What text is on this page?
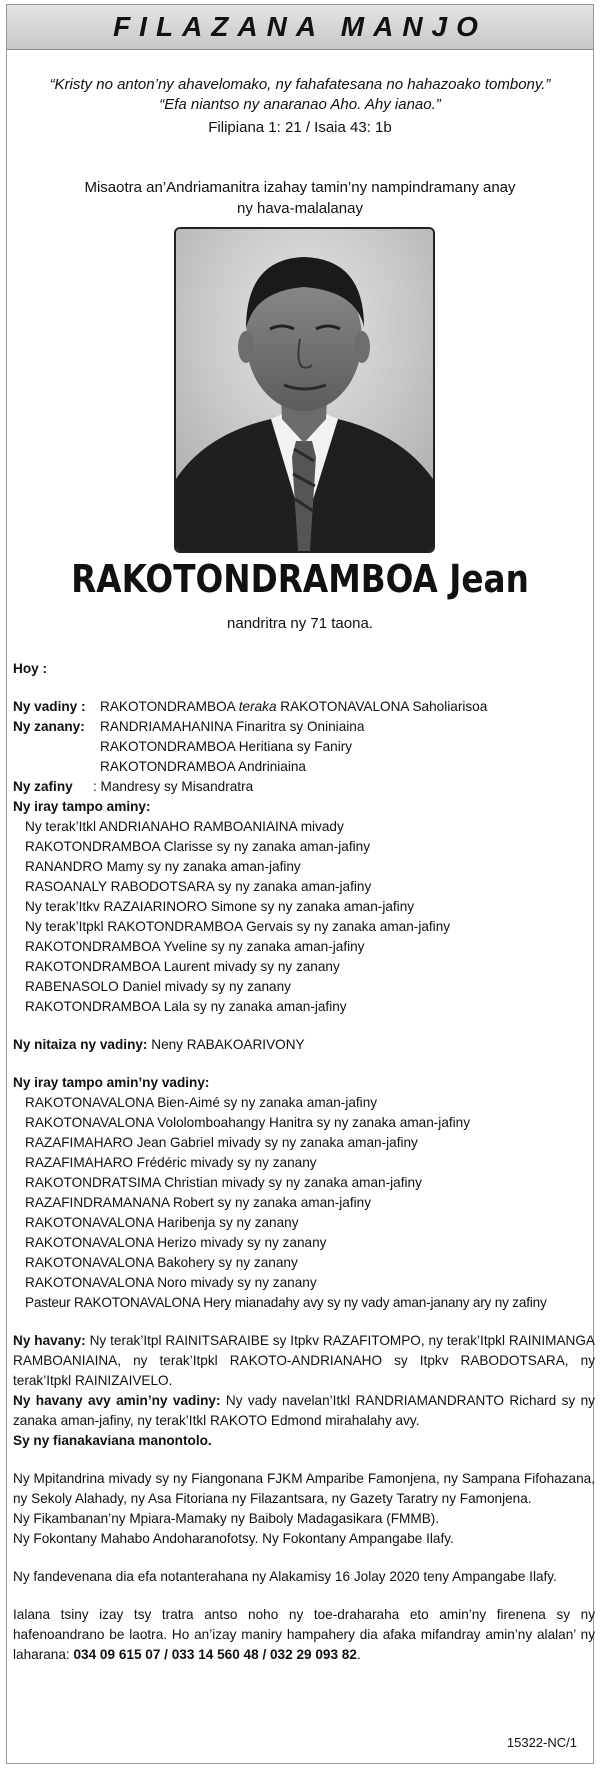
FILAZANA MANJO
“Kristy no anton’ny ahavelomako, ny fahafatesana no hahazoako tombony.”
“Efa niantso ny anaranao Aho. Ahy ianao.”
Filipiana 1: 21 / Isaia 43: 1b
Misaotra an’Andriamanitra izahay tamin’ny nampindramany anay
ny hava-malalanay
RAKOTONDRAMBOA Jean
nandritra ny 71 taona.
Hoy :
Ny vadiny : RAKOTONDRAMBOA teraka RAKOTONAVALONA Saholiarisoa
Ny zanany: RANDRIAMAHANINA Finaritra sy Oniniaina
RAKOTONDRAMBOA Heritiana sy Faniry
RAKOTONDRAMBOA Andriniaina
Ny zafiny : Mandresy sy Misandratra
Ny iray tampo aminy:
Ny terak’Itkl ANDRIANAHO RAMBOANIAINA mivady
RAKOTONDRAMBOA Clarisse sy ny zanaka aman-jafiny
RANANDRO Mamy sy ny zanaka aman-jafiny
RASOANALY RABODOTSARA sy ny zanaka aman-jafiny
Ny terak’Itkv RAZAIARINORO Simone sy ny zanaka aman-jafiny
Ny terak’Itpkl RAKOTONDRAMBOA Gervais sy ny zanaka aman-jafiny
RAKOTONDRAMBOA Yveline sy ny zanaka aman-jafiny
RAKOTONDRAMBOA Laurent mivady sy ny zanany
RABENASOLO Daniel mivady sy ny zanany
RAKOTONDRAMBOA Lala sy ny zanaka aman-jafiny
Ny nitaiza ny vadiny: Neny RABAKOARIVONY
Ny iray tampo amin’ny vadiny:
RAKOTONAVALONA Bien-Aimé sy ny zanaka aman-jafiny
RAKOTONAVALONA Vololomboahangy Hanitra sy ny zanaka aman-jafiny
RAZAFIMAHARO Jean Gabriel mivady sy ny zanaka aman-jafiny
RAZAFIMAHARO Frédéric mivady sy ny zanany
RAKOTONDRATSIMA Christian mivady sy ny zanaka aman-jafiny
RAZAFINDRAMANANA Robert sy ny zanaka aman-jafiny
RAKOTONAVALONA Haribenja sy ny zanany
RAKOTONAVALONA Herizo mivady sy ny zanany
RAKOTONAVALONA Bakohery sy ny zanany
RAKOTONAVALONA Noro mivady sy ny zanany
Pasteur RAKOTONAVALONA Hery mianadahy avy sy ny vady aman-janany ary ny zafiny
Ny havany: Ny terak’Itpl RAINITSARAIBE sy Itpkv RAZAFITOMPO, ny terak’Itpkl RAINIMANGA RAMBOANIAINA, ny terak’Itpkl RAKOTO-ANDRIANAHO sy Itpkv RABODOTSARA, ny terak’Itpkl RAINIZAIVELO.
Ny havany avy amin’ny vadiny: Ny vady navelan’Itkl RANDRIAMANDRANTO Richard sy ny zanaka aman-jafiny, ny terak’Itkl RAKOTO Edmond mirahalahy avy.
Sy ny fianakaviana manontolo.
Ny Mpitandrina mivady sy ny Fiangonana FJKM Amparibe Famonjena, ny Sampana Fifohazana, ny Sekoly Alahady, ny Asa Fitoriana ny Filazantsara, ny Gazety Taratry ny Famonjena.
Ny Fikambanan’ny Mpiara-Mamaky ny Baiboly Madagasikara (FMMB).
Ny Fokontany Mahabo Andoharanofotsy. Ny Fokontany Ampangabe Ilafy.
Ny fandevenana dia efa notanterahana ny Alakamisy 16 Jolay 2020 teny Ampangabe Ilafy.
Ialana tsiny izay tsy tratra antso noho ny toe-draharaha eto amin’ny firenena sy ny hafenoandrano be laotra. Ho an’izay maniry hampahery dia afaka mifandray amin’ny alalan’ ny laharana: 034 09 615 07 / 033 14 560 48 / 032 29 093 82.
15322-NC/1
